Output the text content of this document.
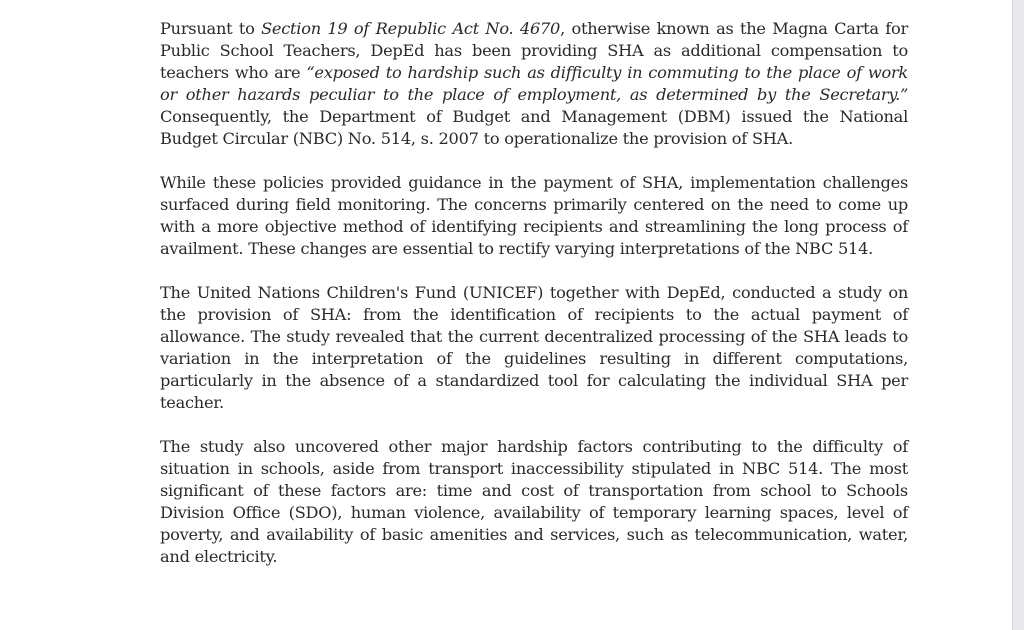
Pursuant to Section 19 of Republic Act No. 4670, otherwise known as the Magna Carta for Public School Teachers, DepEd has been providing SHA as additional compensation to teachers who are “exposed to hardship such as difficulty in commuting to the place of work or other hazards peculiar to the place of employment, as determined by the Secretary.” Consequently, the Department of Budget and Management (DBM) issued the National Budget Circular (NBC) No. 514, s. 2007 to operationalize the provision of SHA.

While these policies provided guidance in the payment of SHA, implementation challenges surfaced during field monitoring. The concerns primarily centered on the need to come up with a more objective method of identifying recipients and streamlining the long process of availment. These changes are essential to rectify varying interpretations of the NBC 514.

The United Nations Children's Fund (UNICEF) together with DepEd, conducted a study on the provision of SHA: from the identification of recipients to the actual payment of allowance. The study revealed that the current decentralized processing of the SHA leads to variation in the interpretation of the guidelines resulting in different computations, particularly in the absence of a standardized tool for calculating the individual SHA per teacher.

The study also uncovered other major hardship factors contributing to the difficulty of situation in schools, aside from transport inaccessibility stipulated in NBC 514. The most significant of these factors are: time and cost of transportation from school to Schools Division Office (SDO), human violence, availability of temporary learning spaces, level of poverty, and availability of basic amenities and services, such as telecommunication, water, and electricity.
